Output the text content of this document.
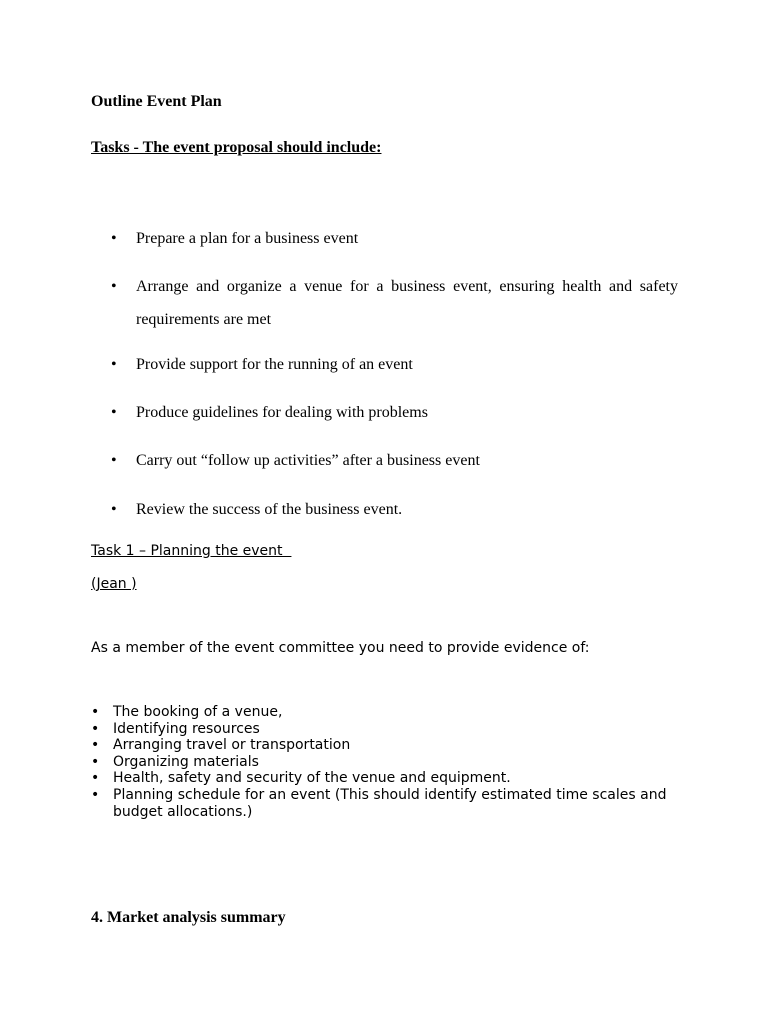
Outline Event Plan
Tasks - The event proposal should include:
• Prepare a plan for a business event
• Arrange and organize a venue for a business event, ensuring health and safety requirements are met
• Provide support for the running of an event
• Produce guidelines for dealing with problems
• Carry out “follow up activities” after a business event
• Review the success of the business event.
Task 1 – Planning the event
(Jean )
As a member of the event committee you need to provide evidence of:
• The booking of a venue,
• Identifying resources
• Arranging travel or transportation
• Organizing materials
• Health, safety and security of the venue and equipment.
• Planning schedule for an event (This should identify estimated time scales and budget allocations.)
4. Market analysis summary
